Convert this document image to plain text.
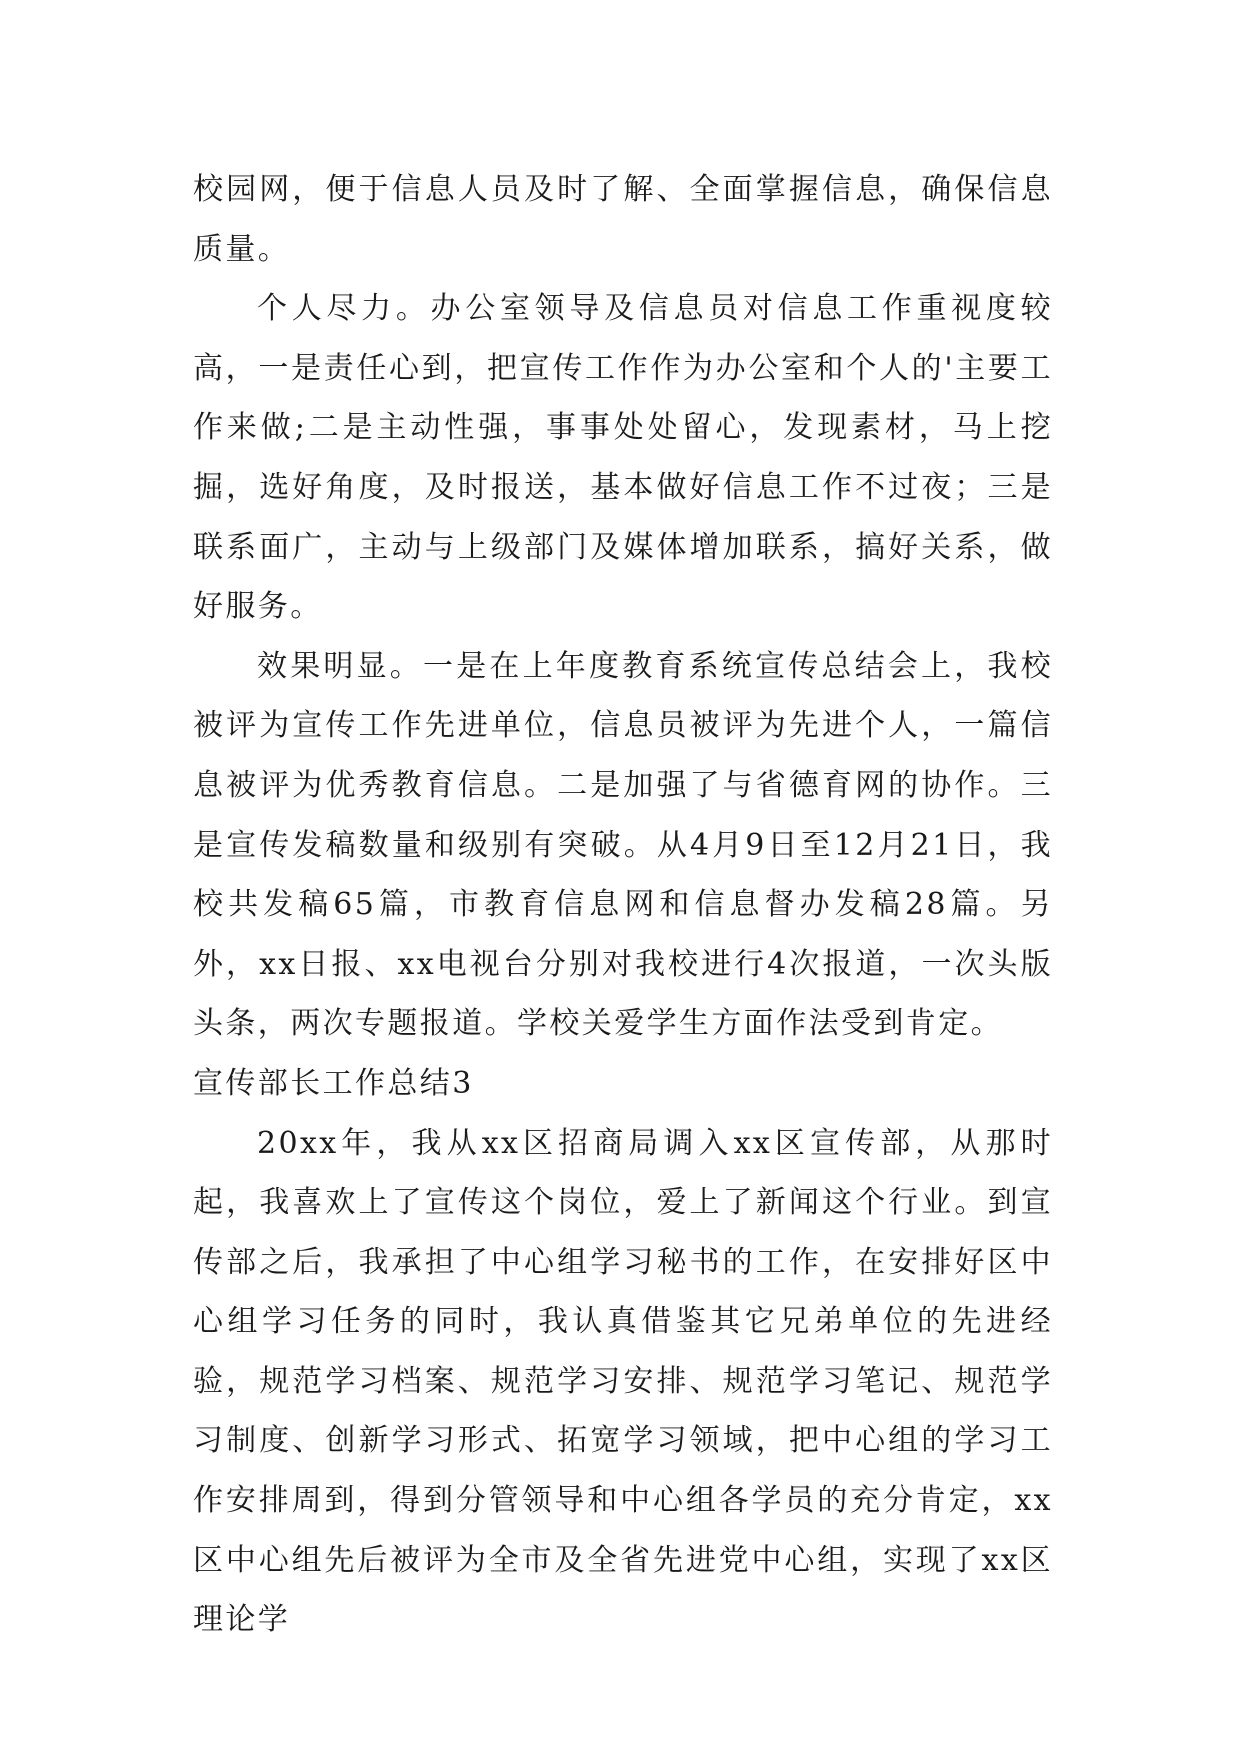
校园网，便于信息人员及时了解、全面掌握信息，确保信息质量。

个人尽力。办公室领导及信息员对信息工作重视度较高，一是责任心到，把宣传工作作为办公室和个人的'主要工作来做;二是主动性强，事事处处留心，发现素材，马上挖掘，选好角度，及时报送，基本做好信息工作不过夜；三是联系面广，主动与上级部门及媒体增加联系，搞好关系，做好服务。

效果明显。一是在上年度教育系统宣传总结会上，我校被评为宣传工作先进单位，信息员被评为先进个人，一篇信息被评为优秀教育信息。二是加强了与省德育网的协作。三是宣传发稿数量和级别有突破。从4月9日至12月21日，我校共发稿65篇，市教育信息网和信息督办发稿28篇。另外，xx日报、xx电视台分别对我校进行4次报道，一次头版头条，两次专题报道。学校关爱学生方面作法受到肯定。

宣传部长工作总结3

20xx年，我从xx区招商局调入xx区宣传部，从那时起，我喜欢上了宣传这个岗位，爱上了新闻这个行业。到宣传部之后，我承担了中心组学习秘书的工作，在安排好区中心组学习任务的同时，我认真借鉴其它兄弟单位的先进经验，规范学习档案、规范学习安排、规范学习笔记、规范学习制度、创新学习形式、拓宽学习领域，把中心组的学习工作安排周到，得到分管领导和中心组各学员的充分肯定，xx区中心组先后被评为全市及全省先进党中心组，实现了xx区理论学
